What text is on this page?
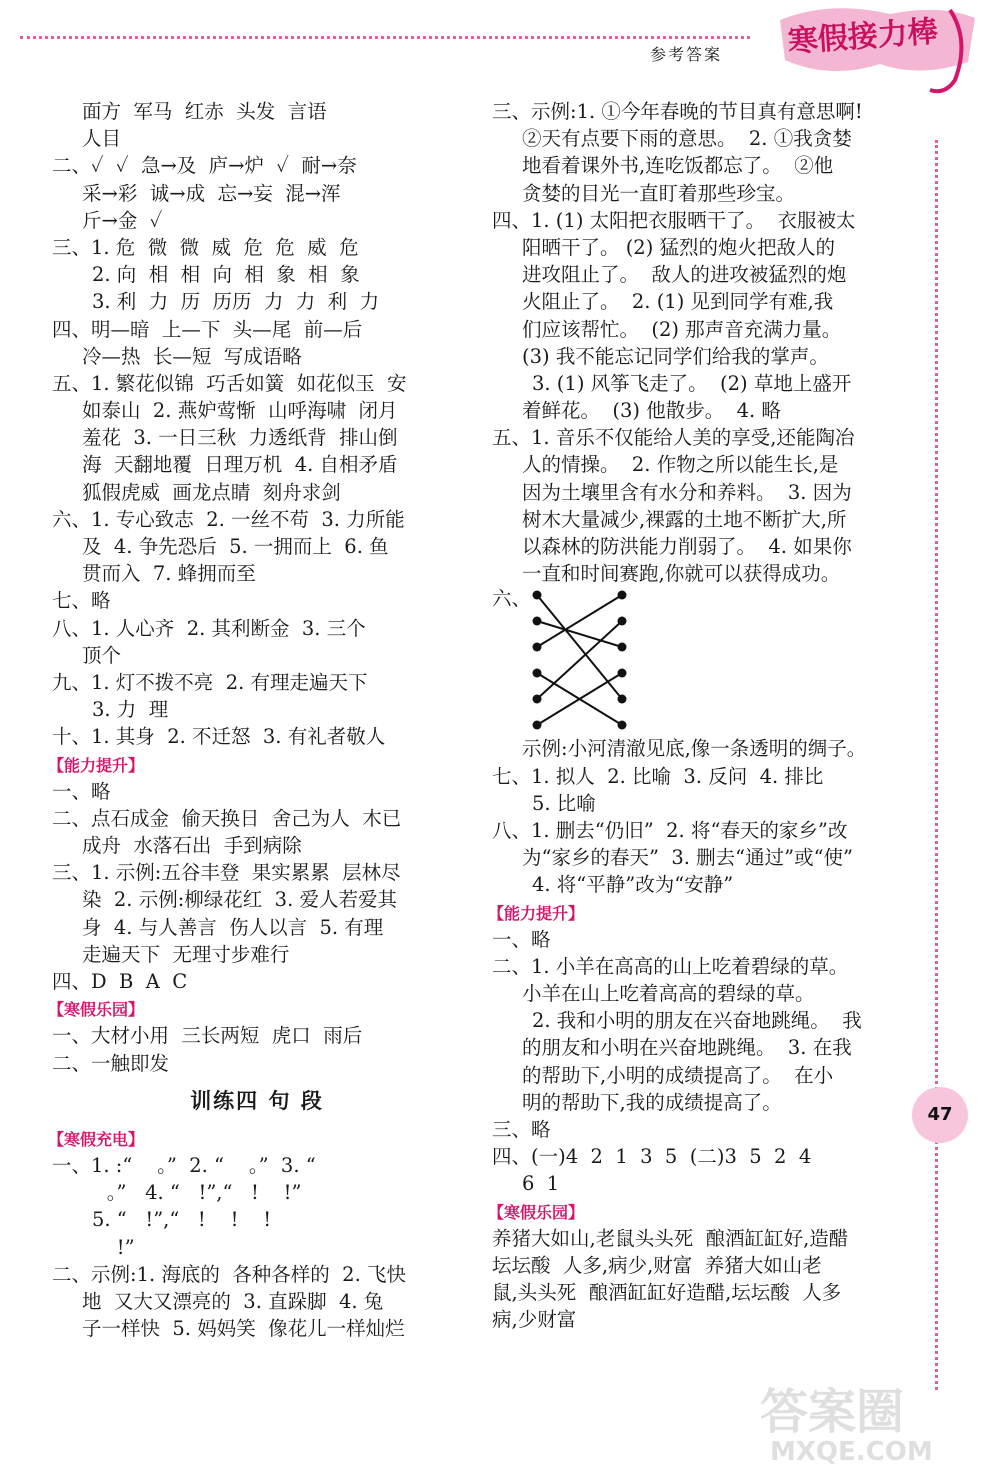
参考答案 寒假接力棒
面方  军马  红赤  头发  言语
人目
二、✓  ✓  急→及  庐→炉  ✓  耐→奈
采→彩  诚→成  忘→妄  混→浑
斤→金  ✓
三、1. 危  微  微  威  危  危  威  危
2. 向  相  相  向  相  象  相  象
3. 利  力  历  历历  力  力  利  力
四、明—暗  上—下  头—尾  前—后
冷—热  长—短  写成语略
五、1. 繁花似锦  巧舌如簧  如花似玉  安
如泰山  2. 燕妒莺惭  山呼海啸  闭月
羞花  3. 一日三秋  力透纸背  排山倒
海  天翻地覆  日理万机  4. 自相矛盾
狐假虎威  画龙点睛  刻舟求剑
六、1. 专心致志  2. 一丝不苟  3. 力所能
及  4. 争先恐后  5. 一拥而上  6. 鱼
贯而入  7. 蜂拥而至
七、略
八、1. 人心齐  2. 其利断金  3. 三个
顶个
九、1. 灯不拨不亮  2. 有理走遍天下
3. 力  理
十、1. 其身  2. 不迁怒  3. 有礼者敬人
【能力提升】
一、略
二、点石成金  偷天换日  舍己为人  木已
成舟  水落石出  手到病除
三、1. 示例:五谷丰登  果实累累  层林尽
染  2. 示例:柳绿花红  3. 爱人若爱其
身  4. 与人善言  伤人以言  5. 有理
走遍天下  无理寸步难行
四、D  B  A  C
【寒假乐园】
一、大材小用  三长两短  虎口  雨后
二、一触即发
训练四 句 段
【寒假充电】
一、1. :“    。”  2. “    。”  3. “
。”   4. “   !”,“   !    !”
5. “   !”,“   !    !    !
!”
二、示例:1. 海底的  各种各样的  2. 飞快
地  又大又漂亮的  3. 直跺脚  4. 兔
子一样快  5. 妈妈笑  像花儿一样灿烂
三、示例:1. ①今年春晚的节目真有意思啊!
②天有点要下雨的意思。  2. ①我贪婪
地看着课外书,连吃饭都忘了。  ②他
贪婪的目光一直盯着那些珍宝。
四、1. (1) 太阳把衣服晒干了。  衣服被太
阳晒干了。 (2) 猛烈的炮火把敌人的
进攻阻止了。  敌人的进攻被猛烈的炮
火阻止了。  2. (1) 见到同学有难,我
们应该帮忙。  (2) 那声音充满力量。
(3) 我不能忘记同学们给我的掌声。
3. (1) 风筝飞走了。  (2) 草地上盛开
着鲜花。  (3) 他散步。  4. 略
五、1. 音乐不仅能给人美的享受,还能陶冶
人的情操。  2. 作物之所以能生长,是
因为土壤里含有水分和养料。  3. 因为
树木大量减少,裸露的土地不断扩大,所
以森林的防洪能力削弱了。  4. 如果你
一直和时间赛跑,你就可以获得成功。
六、
示例:小河清澈见底,像一条透明的绸子。
七、1. 拟人  2. 比喻  3. 反问  4. 排比
5. 比喻
八、1. 删去“仍旧”  2. 将“春天的家乡”改
为“家乡的春天”  3. 删去“通过”或“使”
4. 将“平静”改为“安静”
【能力提升】
一、略
二、1. 小羊在高高的山上吃着碧绿的草。
小羊在山上吃着高高的碧绿的草。
2. 我和小明的朋友在兴奋地跳绳。  我
的朋友和小明在兴奋地跳绳。  3. 在我
的帮助下,小明的成绩提高了。  在小
明的帮助下,我的成绩提高了。
三、略
四、(一)4  2  1  3  5  (二)3  5  2  4
6  1
【寒假乐园】
养猪大如山,老鼠头头死  酿酒缸缸好,造醋
坛坛酸  人多,病少,财富  养猪大如山老
鼠,头头死  酿酒缸缸好造醋,坛坛酸  人多
病,少财富
47
答案圈
MXQE.COM
